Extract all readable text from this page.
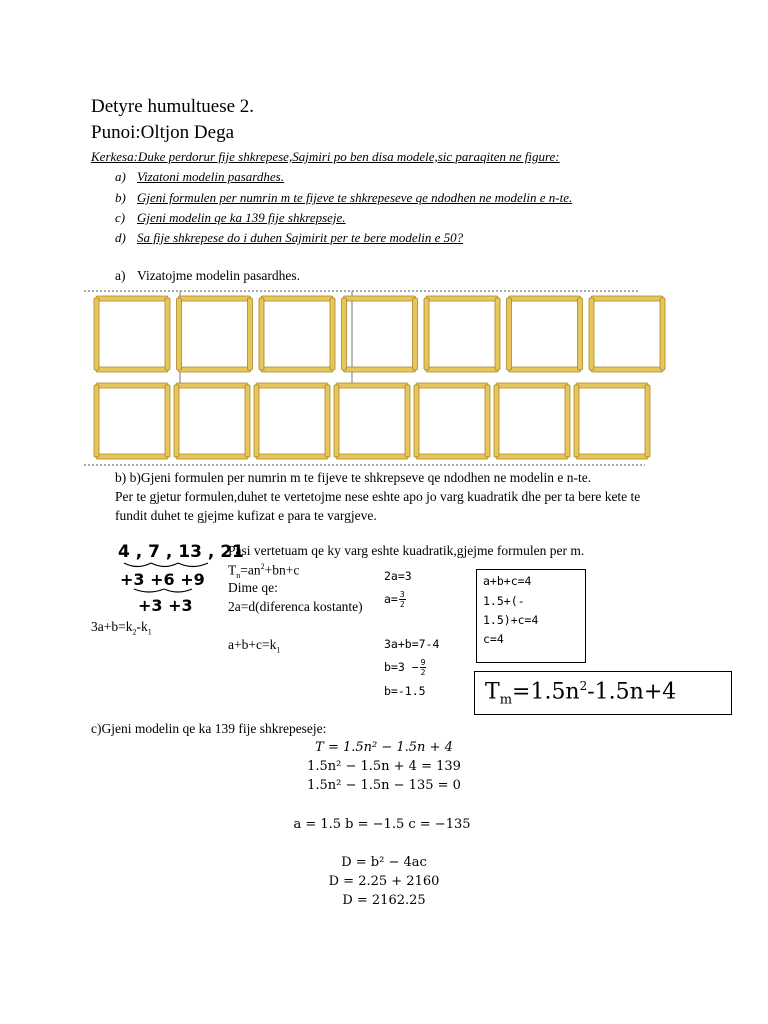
Detyre humultuese 2.
Punoi:Oltjon Dega
Kerkesa:Duke perdorur fije shkrepese,Sajmiri po ben disa modele,sic paraqiten ne figure:
a) Vizatoni modelin pasardhes.
b) Gjeni formulen per numrin m te fijeve te shkrepeseve qe ndodhen ne modelin e n-te.
c) Gjeni modelin qe ka 139 fije shkrepseje.
d) Sa fije shkrepese do i duhen Sajmirit per te bere modelin e 50?
a) Vizatojme modelin pasardhes.
b) b)Gjeni formulen per numrin m te fijeve te shkrepseve qe ndodhen ne modelin e n-te.
Per te gjetur formulen,duhet te vertetojme nese eshte apo jo varg kuadratik dhe per ta bere kete te
fundit duhet te gjejme kufizat e para te vargjeve.
4 , 7 , 13 , 21
+3 +6 +9
+3 +3
$3a+b=k_2-k_1$
Pasi vertetuam qe ky varg eshte kuadratik,gjejme formulen per m.
$T_n=an^2+bn+c$
Dime qe:
2a=d(diferenca kostante)
$a+b+c=k_1$
2a=3
$a= \frac{3}{2}$
3a+b=7-4
$b=3 - \frac{9}{2}$
b=-1.5
a+b+c=4
1.5+(-
1.5)+c=4
c=4
$T_m=1.5n^2-1.5n+4$
c)Gjeni modelin qe ka 139 fije shkrepeseje:
T = 1.5n² − 1.5n + 4
1.5n² − 1.5n + 4 = 139
1.5n² − 1.5n − 135 = 0
a = 1.5 b = −1.5 c = −135
D = b² − 4ac
D = 2.25 + 2160
D = 2162.25
